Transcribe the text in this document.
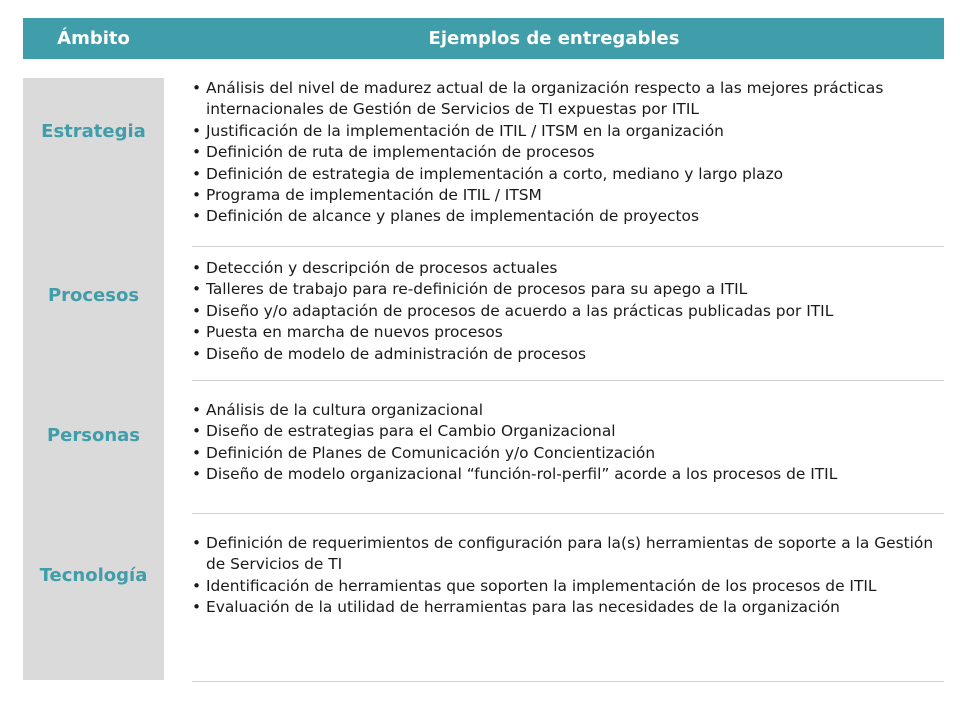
Ámbito	Ejemplos de entregables
Estrategia
Procesos
Personas
Tecnología
• Análisis del nivel de madurez actual de la organización respecto a las mejores prácticas internacionales de Gestión de Servicios de TI expuestas por ITIL
• Justificación de la implementación de ITIL / ITSM en la organización
• Definición de ruta de implementación de procesos
• Definición de estrategia de implementación a corto, mediano y largo plazo
• Programa de implementación de ITIL / ITSM
• Definición de alcance y planes de implementación de proyectos
• Detección y descripción de procesos actuales
• Talleres de trabajo para re-definición de procesos para su apego a ITIL
• Diseño y/o adaptación de procesos de acuerdo a las prácticas publicadas por ITIL
• Puesta en marcha de nuevos procesos
• Diseño de modelo de administración de procesos
• Análisis de la cultura organizacional
• Diseño de estrategias para el Cambio Organizacional
• Definición de Planes de Comunicación y/o Concientización
• Diseño de modelo organizacional “función-rol-perfil” acorde a los procesos de ITIL
• Definición de requerimientos de configuración para la(s) herramientas de soporte a la Gestión de Servicios de TI
• Identificación de herramientas que soporten la implementación de los procesos de ITIL
• Evaluación de la utilidad de herramientas para las necesidades de la organización
